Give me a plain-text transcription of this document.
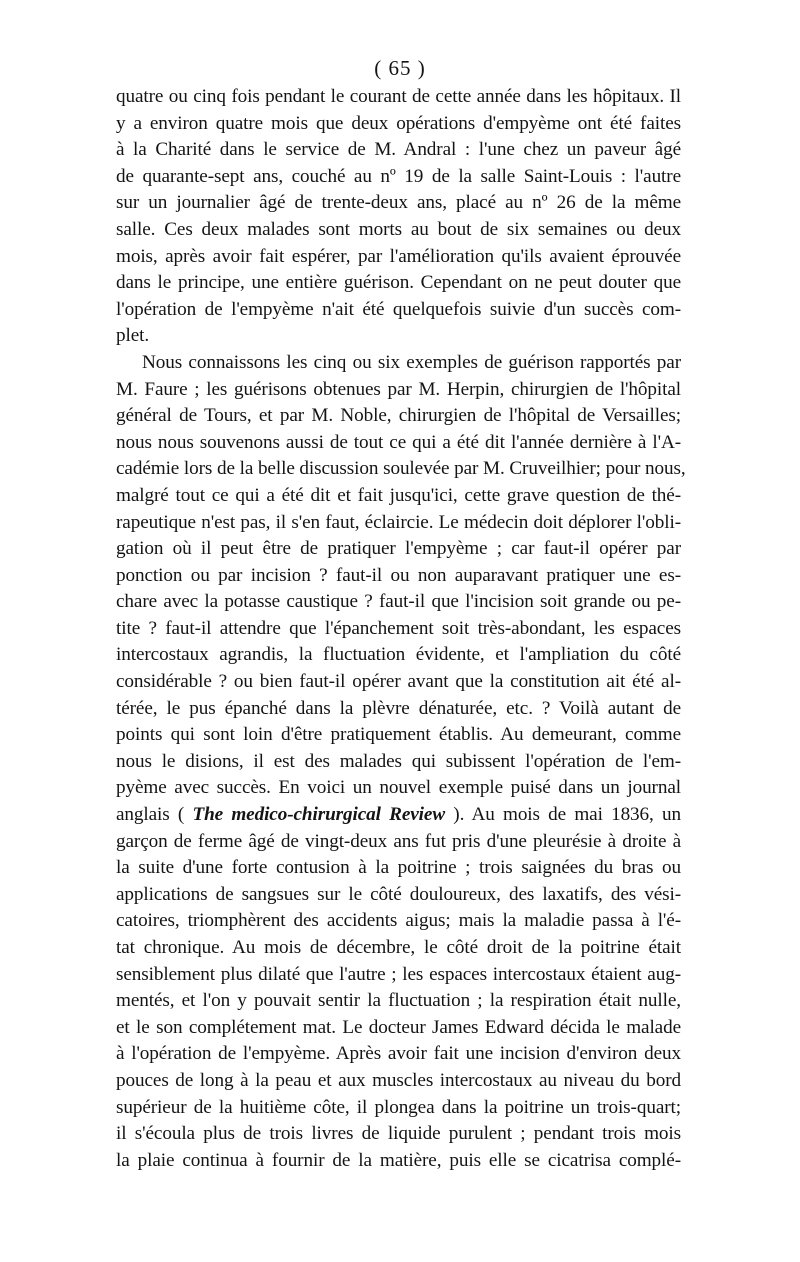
( 65 )
quatre ou cinq fois pendant le courant de cette année dans les hôpitaux. Il
y a environ quatre mois que deux opérations d'empyème ont été faites
à la Charité dans le service de M. Andral : l'une chez un paveur âgé
de quarante-sept ans, couché au nº 19 de la salle Saint-Louis : l'autre
sur un journalier âgé de trente-deux ans, placé au nº 26 de la même
salle. Ces deux malades sont morts au bout de six semaines ou deux
mois, après avoir fait espérer, par l'amélioration qu'ils avaient éprouvée
dans le principe, une entière guérison. Cependant on ne peut douter que
l'opération de l'empyème n'ait été quelquefois suivie d'un succès com-
plet.
Nous connaissons les cinq ou six exemples de guérison rapportés par
M. Faure ; les guérisons obtenues par M. Herpin, chirurgien de l'hôpital
général de Tours, et par M. Noble, chirurgien de l'hôpital de Versailles;
nous nous souvenons aussi de tout ce qui a été dit l'année dernière à l'A-
cadémie lors de la belle discussion soulevée par M. Cruveilhier; pour nous,
malgré tout ce qui a été dit et fait jusqu'ici, cette grave question de thé-
rapeutique n'est pas, il s'en faut, éclaircie. Le médecin doit déplorer l'obli-
gation où il peut être de pratiquer l'empyème ; car faut-il opérer par
ponction ou par incision ? faut-il ou non auparavant pratiquer une es-
chare avec la potasse caustique ? faut-il que l'incision soit grande ou pe-
tite ? faut-il attendre que l'épanchement soit très-abondant, les espaces
intercostaux agrandis, la fluctuation évidente, et l'ampliation du côté
considérable ? ou bien faut-il opérer avant que la constitution ait été al-
térée, le pus épanché dans la plèvre dénaturée, etc. ? Voilà autant de
points qui sont loin d'être pratiquement établis. Au demeurant, comme
nous le disions, il est des malades qui subissent l'opération de l'em-
pyème avec succès. En voici un nouvel exemple puisé dans un journal
anglais ( The medico-chirurgical Review ). Au mois de mai 1836, un
garçon de ferme âgé de vingt-deux ans fut pris d'une pleurésie à droite à
la suite d'une forte contusion à la poitrine ; trois saignées du bras ou
applications de sangsues sur le côté douloureux, des laxatifs, des vési-
catoires, triomphèrent des accidents aigus; mais la maladie passa à l'é-
tat chronique. Au mois de décembre, le côté droit de la poitrine était
sensiblement plus dilaté que l'autre ; les espaces intercostaux étaient aug-
mentés, et l'on y pouvait sentir la fluctuation ; la respiration était nulle,
et le son complétement mat. Le docteur James Edward décida le malade
à l'opération de l'empyème. Après avoir fait une incision d'environ deux
pouces de long à la peau et aux muscles intercostaux au niveau du bord
supérieur de la huitième côte, il plongea dans la poitrine un trois-quart;
il s'écoula plus de trois livres de liquide purulent ; pendant trois mois
la plaie continua à fournir de la matière, puis elle se cicatrisa complé-
